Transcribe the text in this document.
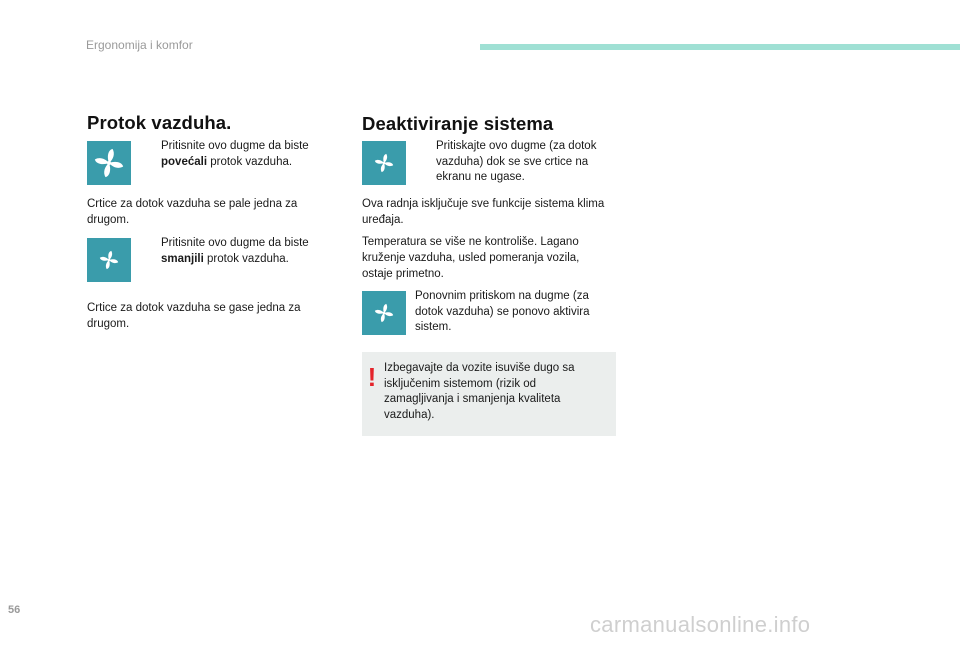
Ergonomija i komfor
Protok vazduha.
Pritisnite ovo dugme da biste povećali protok vazduha.
Crtice za dotok vazduha se pale jedna za drugom.
Pritisnite ovo dugme da biste smanjili protok vazduha.
Crtice za dotok vazduha se gase jedna za drugom.
Deaktiviranje sistema
Pritiskajte ovo dugme (za dotok vazduha) dok se sve crtice na ekranu ne ugase.
Ova radnja isključuje sve funkcije sistema klima uređaja.
Temperatura se više ne kontroliše. Lagano kruženje vazduha, usled pomeranja vozila, ostaje primetno.
Ponovnim pritiskom na dugme (za dotok vazduha) se ponovo aktivira sistem.
! Izbegavajte da vozite isuviše dugo sa isključenim sistemom (rizik od zamagljivanja i smanjenja kvaliteta vazduha).
56
carmanualsonline.info
